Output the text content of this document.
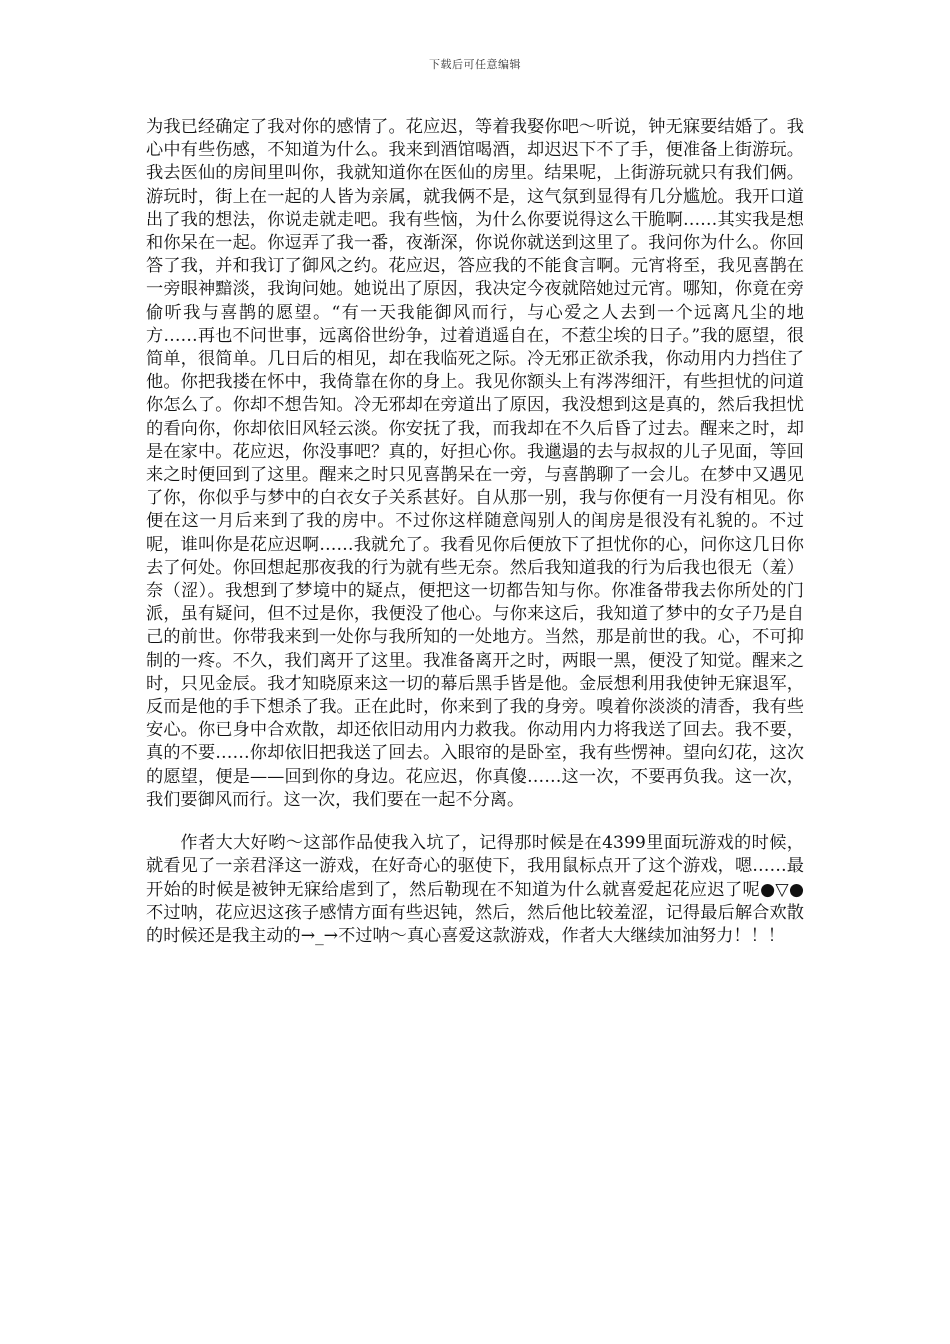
下载后可任意编辑

为我已经确定了我对你的感情了。花应迟，等着我娶你吧～听说，钟无寐要结婚了。我心中有些伤感，不知道为什么。我来到酒馆喝酒，却迟迟下不了手，便准备上街游玩。我去医仙的房间里叫你，我就知道你在医仙的房里。结果呢，上街游玩就只有我们俩。游玩时，街上在一起的人皆为亲属，就我俩不是，这气氛到显得有几分尴尬。我开口道出了我的想法，你说走就走吧。我有些恼，为什么你要说得这么干脆啊……其实我是想和你呆在一起。你逗弄了我一番，夜渐深，你说你就送到这里了。我问你为什么。你回答了我，并和我订了御风之约。花应迟，答应我的不能食言啊。元宵将至，我见喜鹊在一旁眼神黯淡，我询问她。她说出了原因，我决定今夜就陪她过元宵。哪知，你竟在旁偷听我与喜鹊的愿望。“有一天我能御风而行，与心爱之人去到一个远离凡尘的地方……再也不问世事，远离俗世纷争，过着逍遥自在，不惹尘埃的日子。”我的愿望，很简单，很简单。几日后的相见，却在我临死之际。冷无邪正欲杀我，你动用内力挡住了他。你把我搂在怀中，我倚靠在你的身上。我见你额头上有涔涔细汗，有些担忧的问道你怎么了。你却不想告知。冷无邪却在旁道出了原因，我没想到这是真的，然后我担忧的看向你，你却依旧风轻云淡。你安抚了我，而我却在不久后昏了过去。醒来之时，却是在家中。花应迟，你没事吧？真的，好担心你。我邋遢的去与叔叔的儿子见面，等回来之时便回到了这里。醒来之时只见喜鹊呆在一旁，与喜鹊聊了一会儿。在梦中又遇见了你，你似乎与梦中的白衣女子关系甚好。自从那一别，我与你便有一月没有相见。你便在这一月后来到了我的房中。不过你这样随意闯别人的闺房是很没有礼貌的。不过呢，谁叫你是花应迟啊……我就允了。我看见你后便放下了担忧你的心，问你这几日你去了何处。你回想起那夜我的行为就有些无奈。然后我知道我的行为后我也很无（羞）奈（涩）。我想到了梦境中的疑点，便把这一切都告知与你。你准备带我去你所处的门派，虽有疑问，但不过是你，我便没了他心。与你来这后，我知道了梦中的女子乃是自己的前世。你带我来到一处你与我所知的一处地方。当然，那是前世的我。心，不可抑制的一疼。不久，我们离开了这里。我准备离开之时，两眼一黑，便没了知觉。醒来之时，只见金辰。我才知晓原来这一切的幕后黑手皆是他。金辰想利用我使钟无寐退军，反而是他的手下想杀了我。正在此时，你来到了我的身旁。嗅着你淡淡的清香，我有些安心。你已身中合欢散，却还依旧动用内力救我。你动用内力将我送了回去。我不要，真的不要……你却依旧把我送了回去。入眼帘的是卧室，我有些愣神。望向幻花，这次的愿望，便是——回到你的身边。花应迟，你真傻……这一次，不要再负我。这一次，我们要御风而行。这一次，我们要在一起不分离。

作者大大好哟～这部作品使我入坑了，记得那时候是在4399里面玩游戏的时候，就看见了一亲君泽这一游戏，在好奇心的驱使下，我用鼠标点开了这个游戏，嗯……最开始的时候是被钟无寐给虐到了，然后勒现在不知道为什么就喜爱起花应迟了呢●▽●不过呐，花应迟这孩子感情方面有些迟钝，然后，然后他比较羞涩，记得最后解合欢散的时候还是我主动的→_→不过呐～真心喜爱这款游戏，作者大大继续加油努力！！！
